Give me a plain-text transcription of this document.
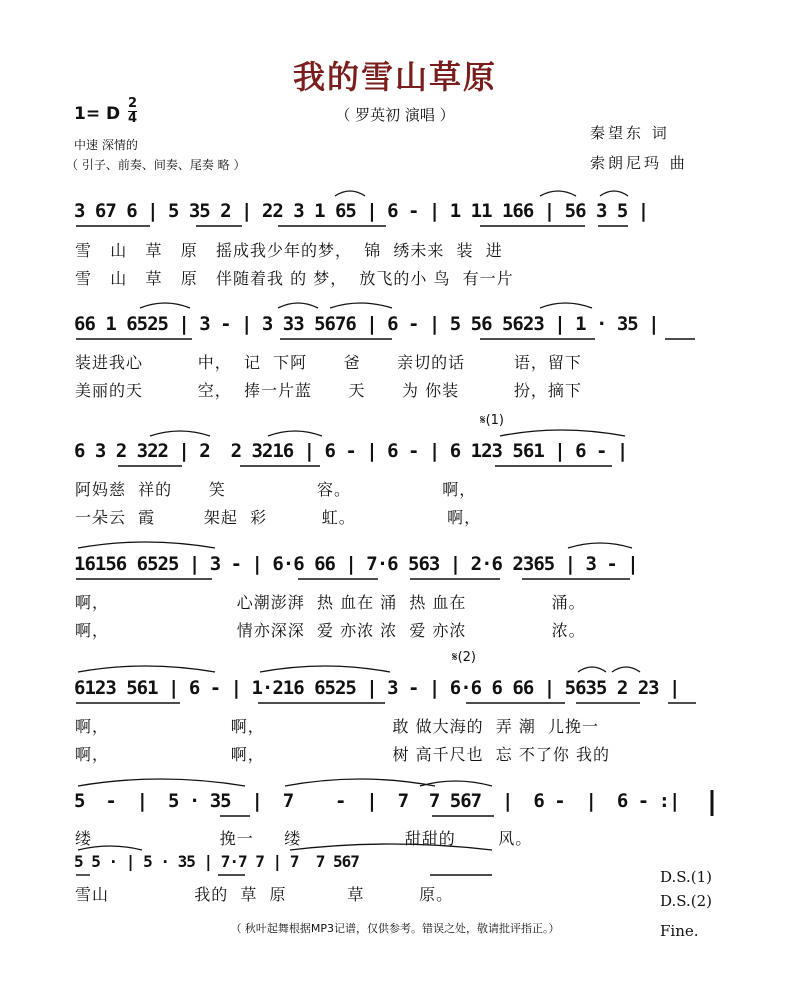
我的雪山草原
（ 罗英初 演唱 ）
1= D $\frac{2}{4}$
中速 深情的
（ 引子、前奏、间奏、尾奏 略 ）
秦望东 词
索朗尼玛 曲
3 67 6 | 5 35 2 | 22 3 1 65 | 6 - | 1 11 166 | 56 3 5 |
雪   山   草   原   摇成我少年的梦，  锦  绣未来  装  进
雪   山   草   原   伴随着我 的 梦，  放飞的小 鸟  有一片
66 1 6525 | 3 - | 3 33 5676 | 6 - | 5 56 5623 | 1 · 35 |
装进我心         中，  记  下阿      爸      亲切的话        语，留下
美丽的天         空，  捧一片蓝      天      为 你装         扮，摘下
𝄋(1)
6 3 2 322 | 2  2 3216 | 6 - | 6 - | 6 123 561 | 6 - |
阿妈慈  祥的      笑               容。               啊，
一朵云  霞        架起  彩         虹。               啊，
16156 6525 | 3 - | 6·6 66 | 7·6 563 | 2·6 2365 | 3 - |
啊，                     心潮澎湃  热 血在 涌  热 血在              涌。
啊，                     情亦深深  爱 亦浓 浓  爱 亦浓              浓。
𝄋(2)
6123 561 | 6 - | 1·216 6525 | 3 - | 6·6 6 66 | 5635 2 23 |
啊，                    啊，                     敢 做大海的  弄 潮  儿挽一
啊，                    啊，                     树 高千尺也  忘 不了你 我的
5  -  |  5 · 35  |  7    -  |  7  7 567  |  6 -  |  6 - :|
缕                     挽一     缕                 甜甜的       风。
5 5 · | 5 · 35 | 7·7 7 | 7  7 567
雪山              我的  草  原          草         原。
D.S.(1)
D.S.(2)
Fine.
（ 秋叶起舞根据MP3记谱，仅供参考。错误之处，敬请批评指正。）
